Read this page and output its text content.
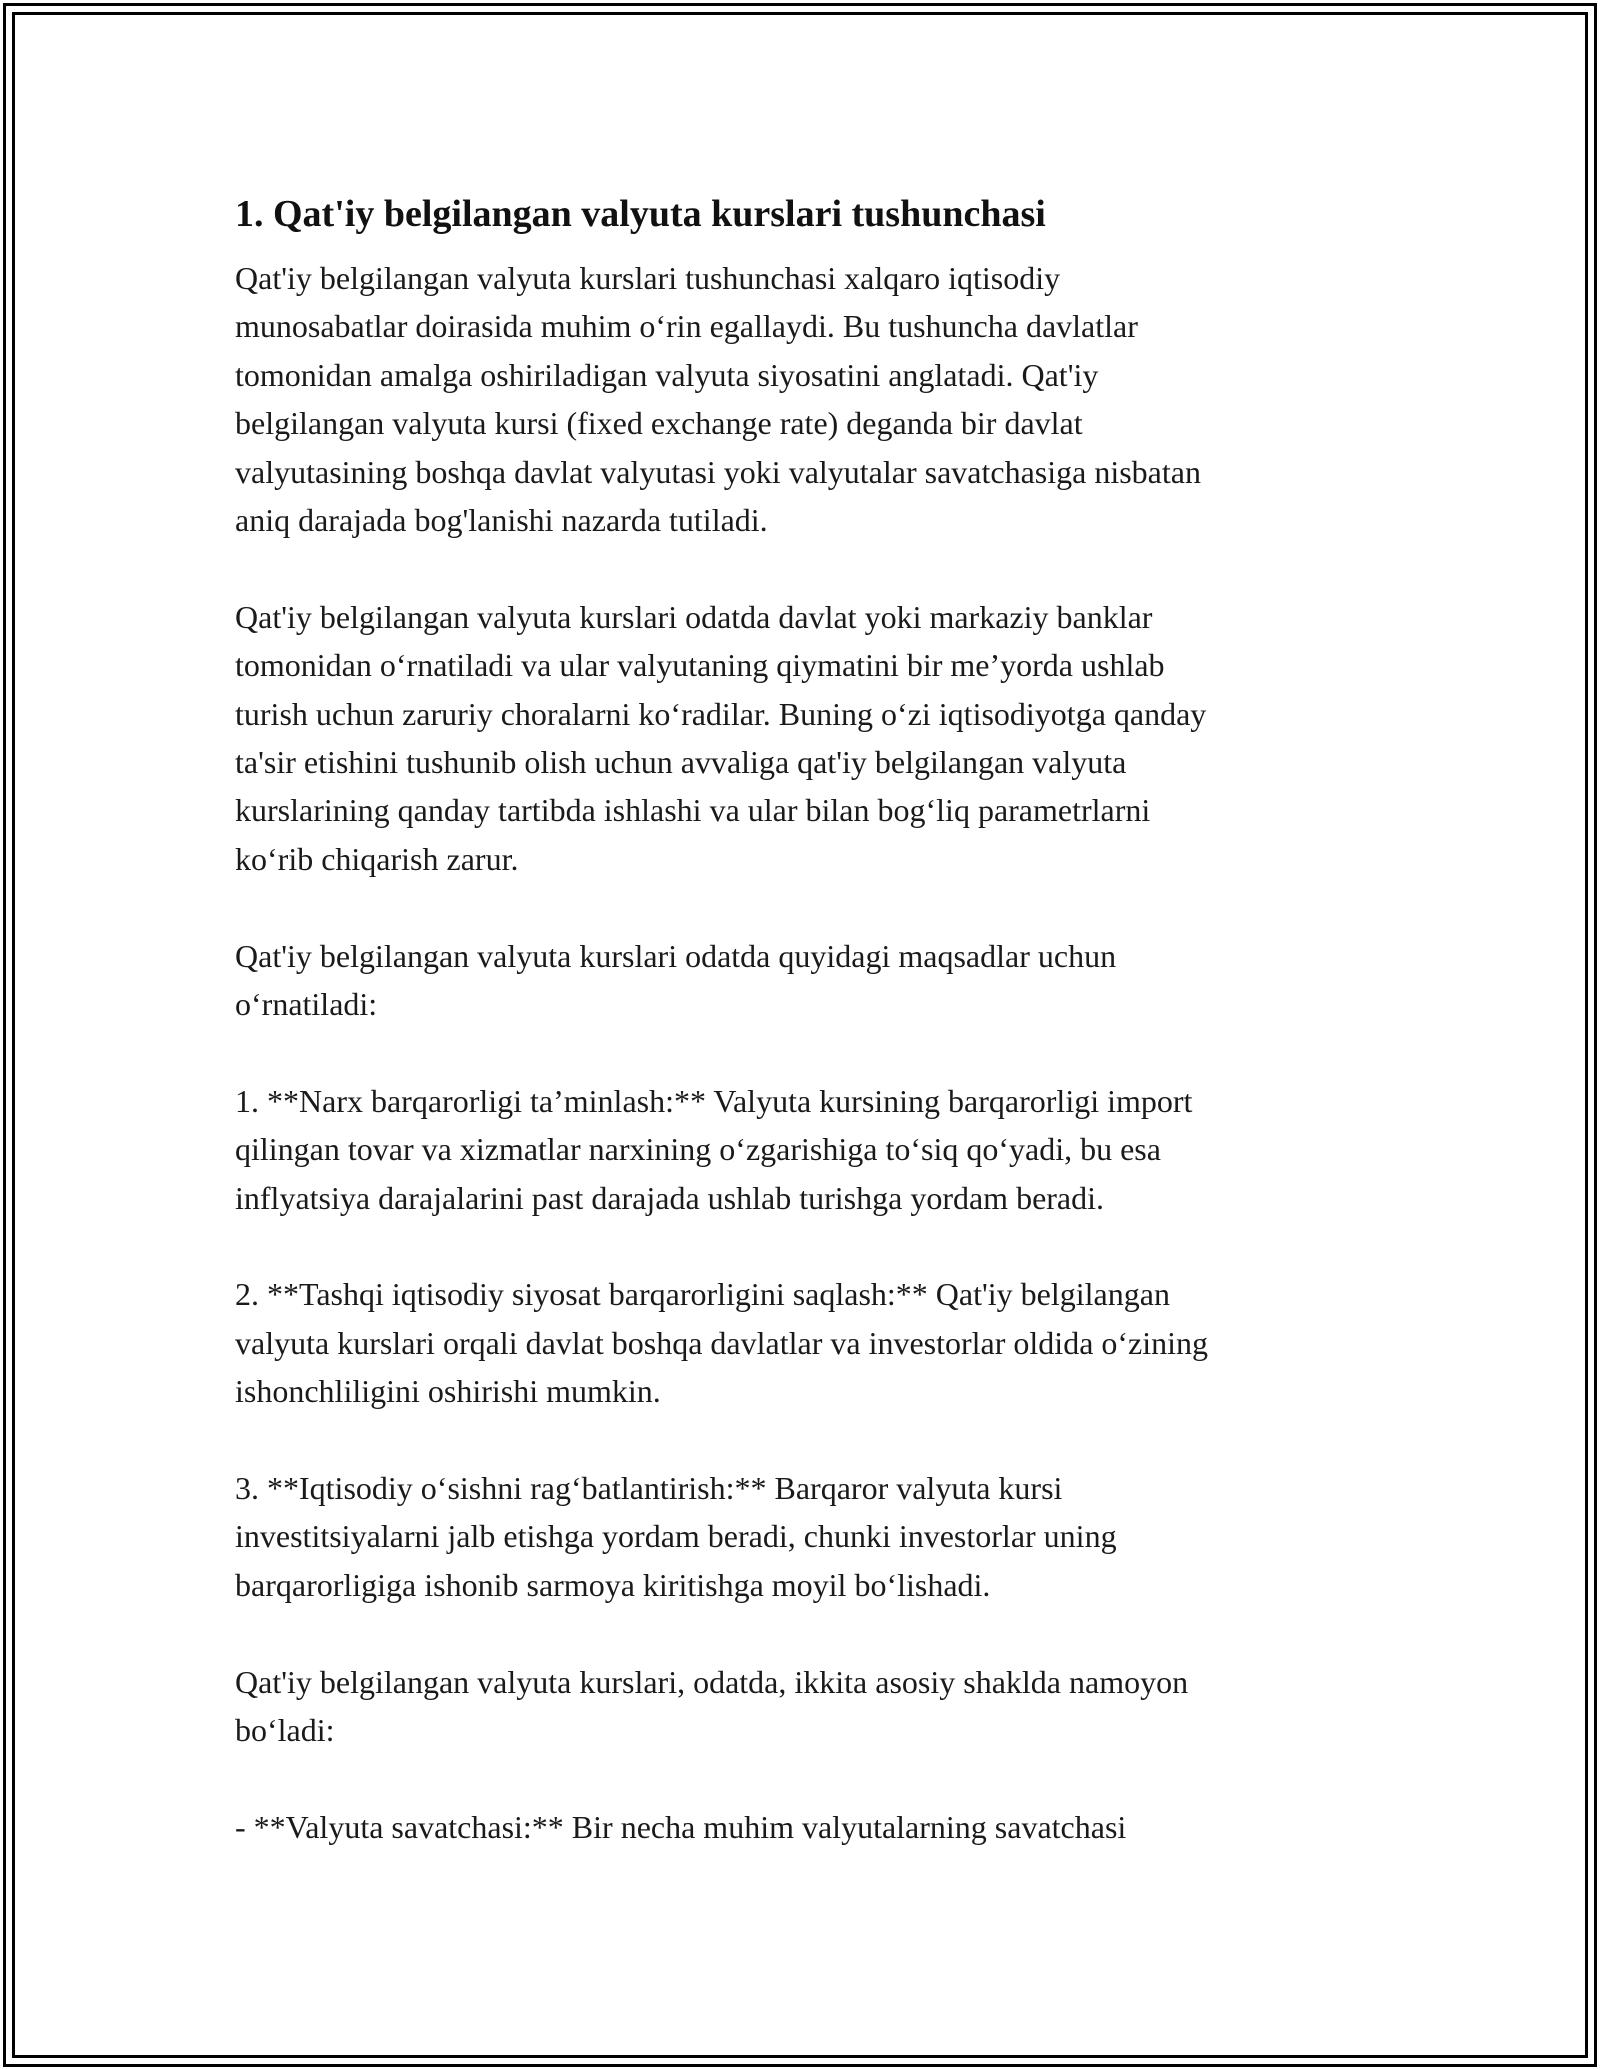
1. Qat'iy belgilangan valyuta kurslari tushunchasi
Qat'iy belgilangan valyuta kurslari tushunchasi xalqaro iqtisodiy
munosabatlar doirasida muhim o‘rin egallaydi. Bu tushuncha davlatlar
tomonidan amalga oshiriladigan valyuta siyosatini anglatadi. Qat'iy
belgilangan valyuta kursi (fixed exchange rate) deganda bir davlat
valyutasining boshqa davlat valyutasi yoki valyutalar savatchasiga nisbatan
aniq darajada bog'lanishi nazarda tutiladi.
Qat'iy belgilangan valyuta kurslari odatda davlat yoki markaziy banklar
tomonidan o‘rnatiladi va ular valyutaning qiymatini bir me’yorda ushlab
turish uchun zaruriy choralarni ko‘radilar. Buning o‘zi iqtisodiyotga qanday
ta'sir etishini tushunib olish uchun avvaliga qat'iy belgilangan valyuta
kurslarining qanday tartibda ishlashi va ular bilan bog‘liq parametrlarni
ko‘rib chiqarish zarur.
Qat'iy belgilangan valyuta kurslari odatda quyidagi maqsadlar uchun
o‘rnatiladi:
1. **Narx barqarorligi ta’minlash:** Valyuta kursining barqarorligi import
qilingan tovar va xizmatlar narxining o‘zgarishiga to‘siq qo‘yadi, bu esa
inflyatsiya darajalarini past darajada ushlab turishga yordam beradi.
2. **Tashqi iqtisodiy siyosat barqarorligini saqlash:** Qat'iy belgilangan
valyuta kurslari orqali davlat boshqa davlatlar va investorlar oldida o‘zining
ishonchliligini oshirishi mumkin.
3. **Iqtisodiy o‘sishni rag‘batlantirish:** Barqaror valyuta kursi
investitsiyalarni jalb etishga yordam beradi, chunki investorlar uning
barqarorligiga ishonib sarmoya kiritishga moyil bo‘lishadi.
Qat'iy belgilangan valyuta kurslari, odatda, ikkita asosiy shaklda namoyon
bo‘ladi:
- **Valyuta savatchasi:** Bir necha muhim valyutalarning savatchasi
